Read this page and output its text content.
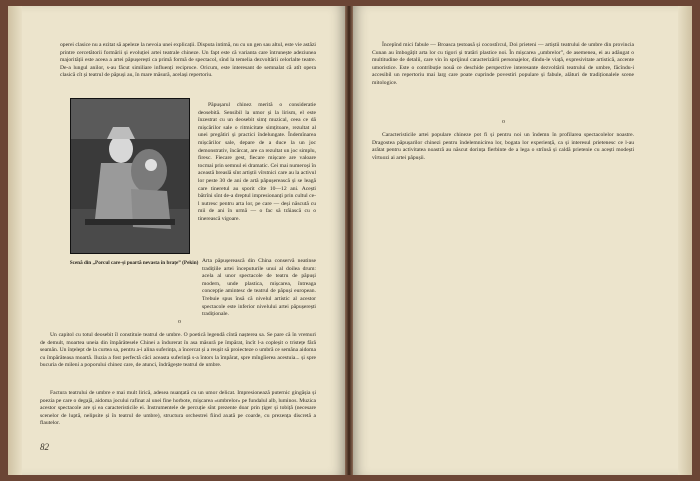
operei clasice nu a ezitat să apeleze la nevoia unei explicații. Disputa intimă, nu cu un gen sau altul, este vie astăzi printre cercetătorii formării și evoluției artei teatrale chineze. Un fapt este că varianta care întrunește adeziunea majorității este aceea a artei păpușerești ca primă formă de spectacol, sînd la temelia dezvoltării celorlalte teatre. De-a lungul anilor, s-au făcut similiare influenți reciproce. Oricum, este interesant de semnalat că atît opera clasică cît și teatrul de păpuși au, în mare măsură, același repertoriu.

Păpușarul chinez merită o consideratie deosebită. Sensibil la umor și la lirism, el este înzestrat cu un deosebit simț muzical, ceea ce dă mișcărilor sale o ritmicitate simțitoare, rezultat al unei pregătiri și practici îndelungate. Îndemînarea mișcărilor sale, depare de a duce la un joc demonstrativ, încărcat, are ca rezultat un joc simplu, firesc. Fiecare gest, fiecare mișcare are valoare tocmai prin semnul ei dramatic. Cei mai numeroși în această breaslă sînt artiștii vîrstnici care au la activul lor peste 30 de ani de artă păpușerească și se leagă care tineretul au sporit cîte 10—12 ani. Acești bătrîni sînt de-a dreptul impresionanți prin cultul ce-l nutresc pentru arta lor, pe care — deși născută cu mii de ani în urmă — o fac să trăiască cu o tinerească vigoare.

Scenă din „Porcul care-și poartă nevasta în brațe” (Pekin) Arta păpușerească din China conservă neatinse tradițiile artei începuturile unui al doilea drum: acela al unor spectacole de teatru de păpuși modern, unde plastica, mișcarea, întreaga concepție amintesc de teatrul de păpuși european. Trebuie spus însă că nivelul artistic al acestor spectacole este inferior nivelului artei păpușerești tradiționale.

o

Un capitol cu totul deosebit îl constituie teatrul de umbre. O poetică legendă cîntă nașterea sa. Se pare că în vremuri de demult, moartea uneia din împărătesele Chinei a îndurerat în asa măsură pe împărat, încît l-a copleșit o tristețe fără seamăn. Un înțelept de la curtea sa, pentru a-i alina suferința, a încercat și a reușit să proiecteze o umbră ce semăna aidoma cu împărăteasa moartă. Iluzia a fost perfectă căci aceasta suferință s-a întors la împărat, spre mîngîierea acestuia... și spre bucuria de mileni a poporului chinez care, de atunci, îndrăgește teatrul de umbre.

Factura teatrului de umbre e mai mult lirică, adesea nuanțată cu un umor delicat. Impresionează puternic gingășia și poezia pe care o degajă, aidoma jocului rafinat al unei fine horbote, mișcarea «umbrelor» pe fundalul alb, luminos. Muzica acestor spectacole are și ea caracteristicile ei. Instrumentele de percuție sînt prezente doar prin țiger și tobiță (necesare scenelor de luptă, nelipsite și în teatrul de umbre), structura orchestrei fiind axată pe coarde, cu prezența discretă a flautelor.

82

Începînd mici fabule — Broasca țestoasă și cocostîrcul, Doi prieteni — artiștii teatrului de umbre din provincia Cunan au îmbogățit arta lor cu tigori și tratări plastice noi. În mișcarea „umbrelor”, de asemenea, ei au adăugat o multitudine de detalii, care vin în sprijinul caracterizării personajelor, dîndu-le viață, expresivitate artistică, accente umoristice. Este o contribuție nouă ce deschide perspective interesante dezvoltării teatrului de umbre, făcîndu-i accesibil un repertoriu mai larg care poate cuprinde povestiri populare și fabule, alături de tradiționalele scene mitologice.

o

Caracteristicile artei populare chineze pot fi și pentru noi un îndemn în profilarea spectacolelor noastre. Dragostea păpușarilor chinezi pentru îndelemnicirea lor, bogata lor experiență, ca și interesul prietenesc ce l-au arătat pentru activitatea noastră au născut dorința fierbinte de a lega o strînsă și caldă prietenie cu acești modești vîrtuozi ai artei păpușii.
